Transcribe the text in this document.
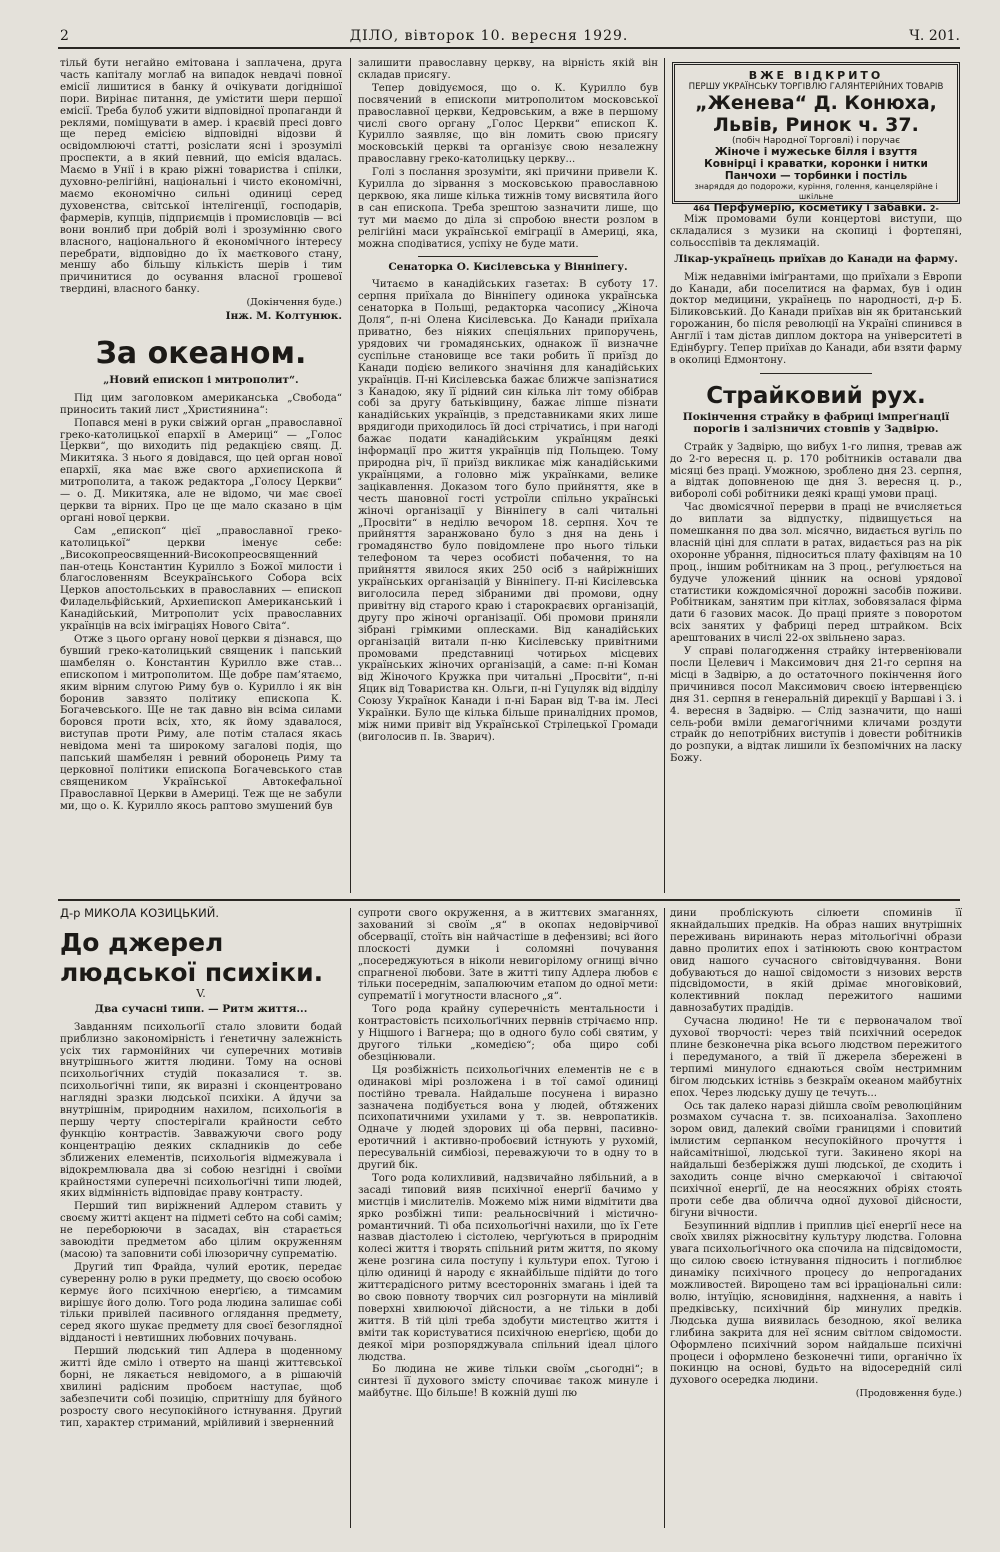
2	ДІЛО, вівторок 10. вересня 1929.	Ч. 201.

тільй бути негайно емітована і заплачена, друга часть капіталу моглаб на випадок невдачі повної емісії лишитися в банку й очікувати догіднішої пори. Вирінає питання, де умістити шери першої емісії. Треба булоб ужити відповідної пропаганди й реклями, поміщувати в амер. і краєвій пресі довго ще перед емісією відповідні відозви й освідомлюючі статті, розіслати ясні і зрозумілі проспекти, а в який певний, що емісія вдалась. Маємо в Унії і в краю ріжні товариства і спілки, духовно-релігійні, національні і чисто економічні, маємо економічно сильні одиниці серед духовенства, світської інтелігенції, господарів, фармерів, купців, підприємців і промисловців — всі вони вонлиб при добрій волі і зрозумінню свого власного, національного й економічного інтересу перебрати, відповідно до їх маєткового стану, меншу або більшу кількість шерів і тим причинитися до осування власної грошевої твердині, власного банку.

(Докінчення буде.)
Інж. М. Колтунюк.
За океаном.
„Новий епископ і митрополит“.

Під цим заголовком американська „Свобода“ приносить такий лист „Християнина“:

Попався мені в руки свіжий орган „православної греко-католицької епархії в Америці“ — „Голос Церкви“, що виходить під редакцією свящ. Д. Микитяка. З нього я довідався, що цей орган нової епархії, яка має вже свого архиєпископа й митрополита, а також редактора „Голосу Церкви“ — о. Д. Микитяка, але не відомо, чи має своєї церкви та вірних. Про це ще мало сказано в цім органі нової церкви.

Сам „епископ“ цієї „православної греко-католицької“ церкви іменує себе: „Високопреосвященний-Високопреосвященний пан-отець Константин Курилло з Божої милости і благословенням Всеукраїнського Собора всіх Церков апостольських в православних — епископ Филадельфійський, Архиепископ Американський і Канадійський, Митрополит усіх православних українців на всіх іміграціях Нового Світа“.

Отже з цього органу нової церкви я дізнався, що бувший греко-католицький священик і папський шамбелян о. Константин Курилло вже став... епископом і митрополитом. Ще добре пам’ятаємо, яким вірним слугою Риму був о. Курилло і як він боронив завзято політику епископа К. Богачевського. Ще не так давно він всіма силами боровся проти всіх, хто, як йому здавалося, виступав проти Риму, але потім сталася якась невідома мені та широкому загалові подія, що папський шамбелян і ревний оборонець Риму та церковної політики епископа Богачевського став священиком Української Автокефальної Православної Церкви в Америці. Теж ще не забули ми, що о. К. Курилло якось раптово змушений був

залишити православну церкву, на вірність якій він складав присягу.

Тепер довідуємося, що о. К. Курилло був посвячений в епископи митрополитом московської православної церкви, Кедровським, а вже в першому числі свого органу „Голос Церкви“ епископ К. Курилло заявляє, що він ломить свою присягу московській церкві та організує свою незалежну православну греко-католицьку церкву...

Голі з послання зрозуміти, які причини привели К. Курилла до зірвання з московською православною церквою, яка лише кілька тижнів тому висвятила його в сан епископа. Треба зрештою зазначити лише, що тут ми маємо до діла зі спробою внести розлом в релігійні маси української еміграції в Америці, яка, можна сподіватися, успіху не буде мати.

Сенаторка О. Кисілевська у Вінніпегу.

Читаємо в канадійських газетах: В суботу 17. серпня приїхала до Вінніпегу одинока українська сенаторка в Польщі, редакторка часопису „Жіноча Доля“, п-ні Олена Кисілевська. До Канади приїхала приватно, без ніяких спеціяльних припоручень, урядових чи громадянських, однакож її визначне суспільне становище все таки робить її приїзд до Канади подією великого значіння для канадійських українців. П-ні Кисілевська бажає ближче запізнатися з Канадою, яку її рідний син кілька літ тому обібрав собі за другу батьківщину, бажає ліпше пізнати канадійських українців, з представниками яких лише врядигоди приходилось їй досі стрічатись, і при нагоді бажає подати канадійським українцям деякі інформації про життя українців під Польщею. Тому природна річ, її приїзд викликає між канадійськими українцями, а головно між українками, велике зацікавлення. Доказом того було прийняття, яке в честь шановної гості устроїли спільно українські жіночі організації у Вінніпегу в салі читальні „Просвіти“ в неділю вечором 18. серпня. Хоч те прийняття заранжовано було з дня на день і громадянство було повідомлене про нього тільки телефоном та через особисті побачення, то на прийняття явилося яких 250 осіб з найріжніших українських організацій у Вінніпегу. П-ні Кисілевська виголосила перед зібраними дві промови, одну привітну від старого краю і старокраєвих організацій, другу про жіночі організації. Обі промови приняли зібрані грімкими оплесками. Від канадійських організацій витали п-ню Кисілевську привітними промовами представниці чотирьох місцевих українських жіночих організацій, а саме: п-ні Коман від Жіночого Кружка при читальні „Просвіти“, п-ні Яцик від Товариства кн. Ольги, п-ні Гуцуляк від відділу Союзу Українок Канади і п-ні Баран від Т-ва ім. Лесі Українки. Було ще кілька більше приналідних промов, між ними привіт від Української Стрілецької Громади (виголосив п. Ів. Зварич).

ВЖЕ ВІДКРИТО
ПЕРШУ УКРАЇНСЬКУ ТОРГІВЛЮ ГАЛЯНТЕРІЙНИХ ТОВАРІВ
„Женева“ Д. Конюха, Львів, Ринок ч. 37.
(побіч Народної Торговлі) і поручає
Жіноче і мужеське білля і взуття
Ковнірці і краватки, коронки і нитки
Панчохи — торбинки і постіль
знаряддя до подорожи, куріння, голення, канцелярійне і шкільне
464 Перфумерію, косметику і забавки. 2-

Між промовами були концертові виступи, що складалися з музики на скопиці і фортепяні, сольосспівів та деклямацій.

Лікар-українець приїхав до Канади на фарму.

Між недавніми іміґрантами, що приїхали з Европи до Канади, аби поселитися на фармах, був і один доктор медицини, українець по народності, д-р Б. Біликовський. До Канади приїхав він як британський горожанин, бо після революції на Україні спинився в Англії і там дістав диплом доктора на університеті в Едінбургу. Тепер приїхав до Канади, аби взяти фарму в околиці Едмонтону.

Страйковий рух.
Покінчення страйку в фабриці імпреґнації порогів і залізничих стовпів у Задвірю.

Страйк у Задвірю, що вибух 1-го липня, тревав аж до 2-го вересня ц. р. 170 робітників оставали два місяці без праці. Уможною, зроблено дня 23. серпня, а відтак доповненою ще дня 3. вересня ц. р., виборолі собі робітники деякі кращі умови праці.

Час двомісячної перерви в праці не вчисляється до виплати за відпустку, підвищується на помешкання по два зол. місячно, видається вугіль по власній ціні для сплати в ратах, видається раз на рік охоронне убрання, підноситься плату фахівцям на 10 проц., іншим робітникам на 3 проц., реґулюється на будуче уложений цінник на основі урядової статистики кождомісячної дорожні засобів поживи. Робітникам, занятим при кітлах, зобовязалася фірма дати 6 газових масок. До праці прияте з поворотом всіх занятих у фабриці перед штрайком. Всіх арештованих в числі 22-ох звільнено зараз.

У справі полагодження страйку інтервеніювали посли Целевич і Максимович дня 21-го серпня на місці в Задвірю, а до остаточного покінчення його причинився посол Максимович своєю інтервенцією дня 31. серпня в генеральній дирекції у Варшаві і 3. і 4. вересня в Задвірю. — Слід зазначити, що наші сель-роби вміли демагогічними кличами роздути страйк до непотрібних виступів і довести робітників до розпуки, а відтак лишили їх безпомічних на ласку Божу.

Д-р МИКОЛА КОЗИЦЬКИЙ.
До джерел людської психіки.
V.
Два сучасні типи. — Ритм життя...

Завданням психольоґії стало зловити бодай приблизно закономірність і ґенетичну залежність усіх тих гармонійних чи суперечних мотивів внутрішнього життя людини. Тому на основі психольоґічних студій показалися т. зв. психольоґічні типи, як виразні і сконцентровано наглядні зразки людської психіки. А йдучи за внутрішнім, природним нахилом, психольоґія в першу черту спостерігали крайности себто функцію контрастів. Завважуючи свого роду концентрацію деяких складників до себе зближених елементів, психольоґія відмежувала і відокремлювала два зі собою незгідні і своїми крайностями суперечні психольоґічні типи людей, яких відмінність відповідає праву контрасту.

Перший тип виріжнений Адлером ставить у своєму житті акцент на підметі себто на собі самім; не переборюючи в засадах, він старається завоюдіти предметом або цілим окруженням (масою) та заповнити собі ілюзоричну супрематію.

Другий тип Фрайда, чулий еротик, передає суверенну ролю в руки предмету, що своєю особою кермує його психічною енерґією, а тимсамим вирішує його долю. Того рода людина залишає собі тільки привілей пасивного оглядання предмету, серед якого шукає предмету для своєї безоглядної відданості і невтишних любовних почувань.

Перший людський тип Адлера в щоденному житті йде сміло і отверто на шанці життєвської борні, не лякається невідомого, а в рішаючій хвилині радісним пробоєм наступає, щоб забезпечити собі позицію, спритнішу для буйного розросту свого несупокійного істнування. Другий тип, характер стриманий, мрійливий і зверненний

супроти свого окруження, а в життєвих змаганнях, захований зі своїм „я“ в окопах недовірчивої обсервації, стоїть він найчастіше в дефензиві; всі його плоскості думки і соломяні почування „посереджуються в ніколи невигорілому огнищі вічно спрагненої любови. Зате в житті типу Адлера любов є тільки посереднім, запалюючим етапом до одної мети: супрематії і могутности власного „я“.

Того рода крайну суперечність ментальности і контрастовість психольоґічних первнів стрічаємо нпр. у Ніцшого і Вагнера; що в одного було собі святим, у другого тільки „комедією“; оба щиро собі обезцінювали.

Ця розбіжність психольоґічних елементів не є в одинакові мірі розложена і в тої самої одиниці постійно тревала. Найдальше посунена і виразно зазначена подібується вона у людей, обтяжених психопатичними ухилами у т. зв. невропатиків. Одначе у людей здорових ці оба первні, пасивно-еротичний і активно-пробоєвий істнують у рухомій, пересувальній симбіозі, переважуючи то в одну то в другий бік.

Того рода колихливий, надзвичайно лябільний, а в засаді типовий вияв психічної енерґії бачимо у мистців і мислителів. Можемо між ними відмітити два ярко розбіжні типи: реальносвічний і містично-романтичний. Ті оба психольоґічні нахили, що їх Гете назвав діастолею і сістолею, черґуються в природнім колесі життя і творять спільний ритм життя, по якому жене розгина сила поступу і культури епох. Тугою і цілю одиниці й народу є якнайбільше підійти до того життєрадісного ритму всесторонніх змагань і ідей та во свою повноту творчих сил розгорнути на мінливій поверхні хвилюючої дійсности, а не тільки в добі життя. В тій цілі треба здобути мистецтво життя і вміти так користуватися психічною енерґією, щоби до деякої міри розпоряджувала спільний ідеал цілого людства.

Бо людина не живе тільки своїм „сьогодні“; в синтезі її духового змісту спочиває також минуле і майбутнє. Що більше! В кожній душі лю

дини пробліскують сілюети споминів її якнайдальших предків. На образ наших внутрішніх переживань виринають нераз мітольоґічні образи давно пролитих епох і затінюють свою контрастом овид нашого сучасного світовідчування. Вони добуваються до нашої свідомости з низових верств підсвідомости, в якій дрімає многовіковий, колективний поклад пережитого нашими давнозабутих прадідів.

Сучасна людино! Не ти є первоначалом твої духової творчості: через твій психічний осередок плине безконечна ріка всього людством пережитого і передуманого, а твій її джерела збережені в терпимі минулого єднаються своїм нестримним бігом людських істнівь з безкраїм океаном майбутніх епох. Через людську душу це течуть...

Ось так далеко наразі дійшла своїм революційним розмахом сучасна т. зв. психоаналіза. Захоплено зором овид, далекий своїми границями і сповитий імлистим серпанком несупокійного прочуття і найсамітнішої, людської туги. Закинено якорі на найдальші безберіжжя душі людської, де сходить і заходить сонце вічно смеркаючої і світаючої психічної енерґії, де на неосяжних обріях стоять проти себе два обличча одної духової дійсности, бігуни вічности.

Безупинний відплив і приплив цієї енерґії несе на своїх хвилях ріжносвітну культуру людства. Головна увага психольоґічного ока спочила на підсвідомости, що силою своєю істнування підносить і поглиблює динаміку психічного процесу до непрогаданих можливостей. Вирощено там всі ірраціональні сили: волю, інтуїцію, ясновидіння, надхнення, а навіть і предківську, психічний бір минулих предків. Людська душа виявилась безодною, якої велика глибина закрита для неї ясним світлом свідомости. Оформлено психічний зором найдальше психічні процеси і оформлено безконечні типи, органічно їх покинцю на основі, будьто на відосередній силі духового осередка людини.

(Продовження буде.)
